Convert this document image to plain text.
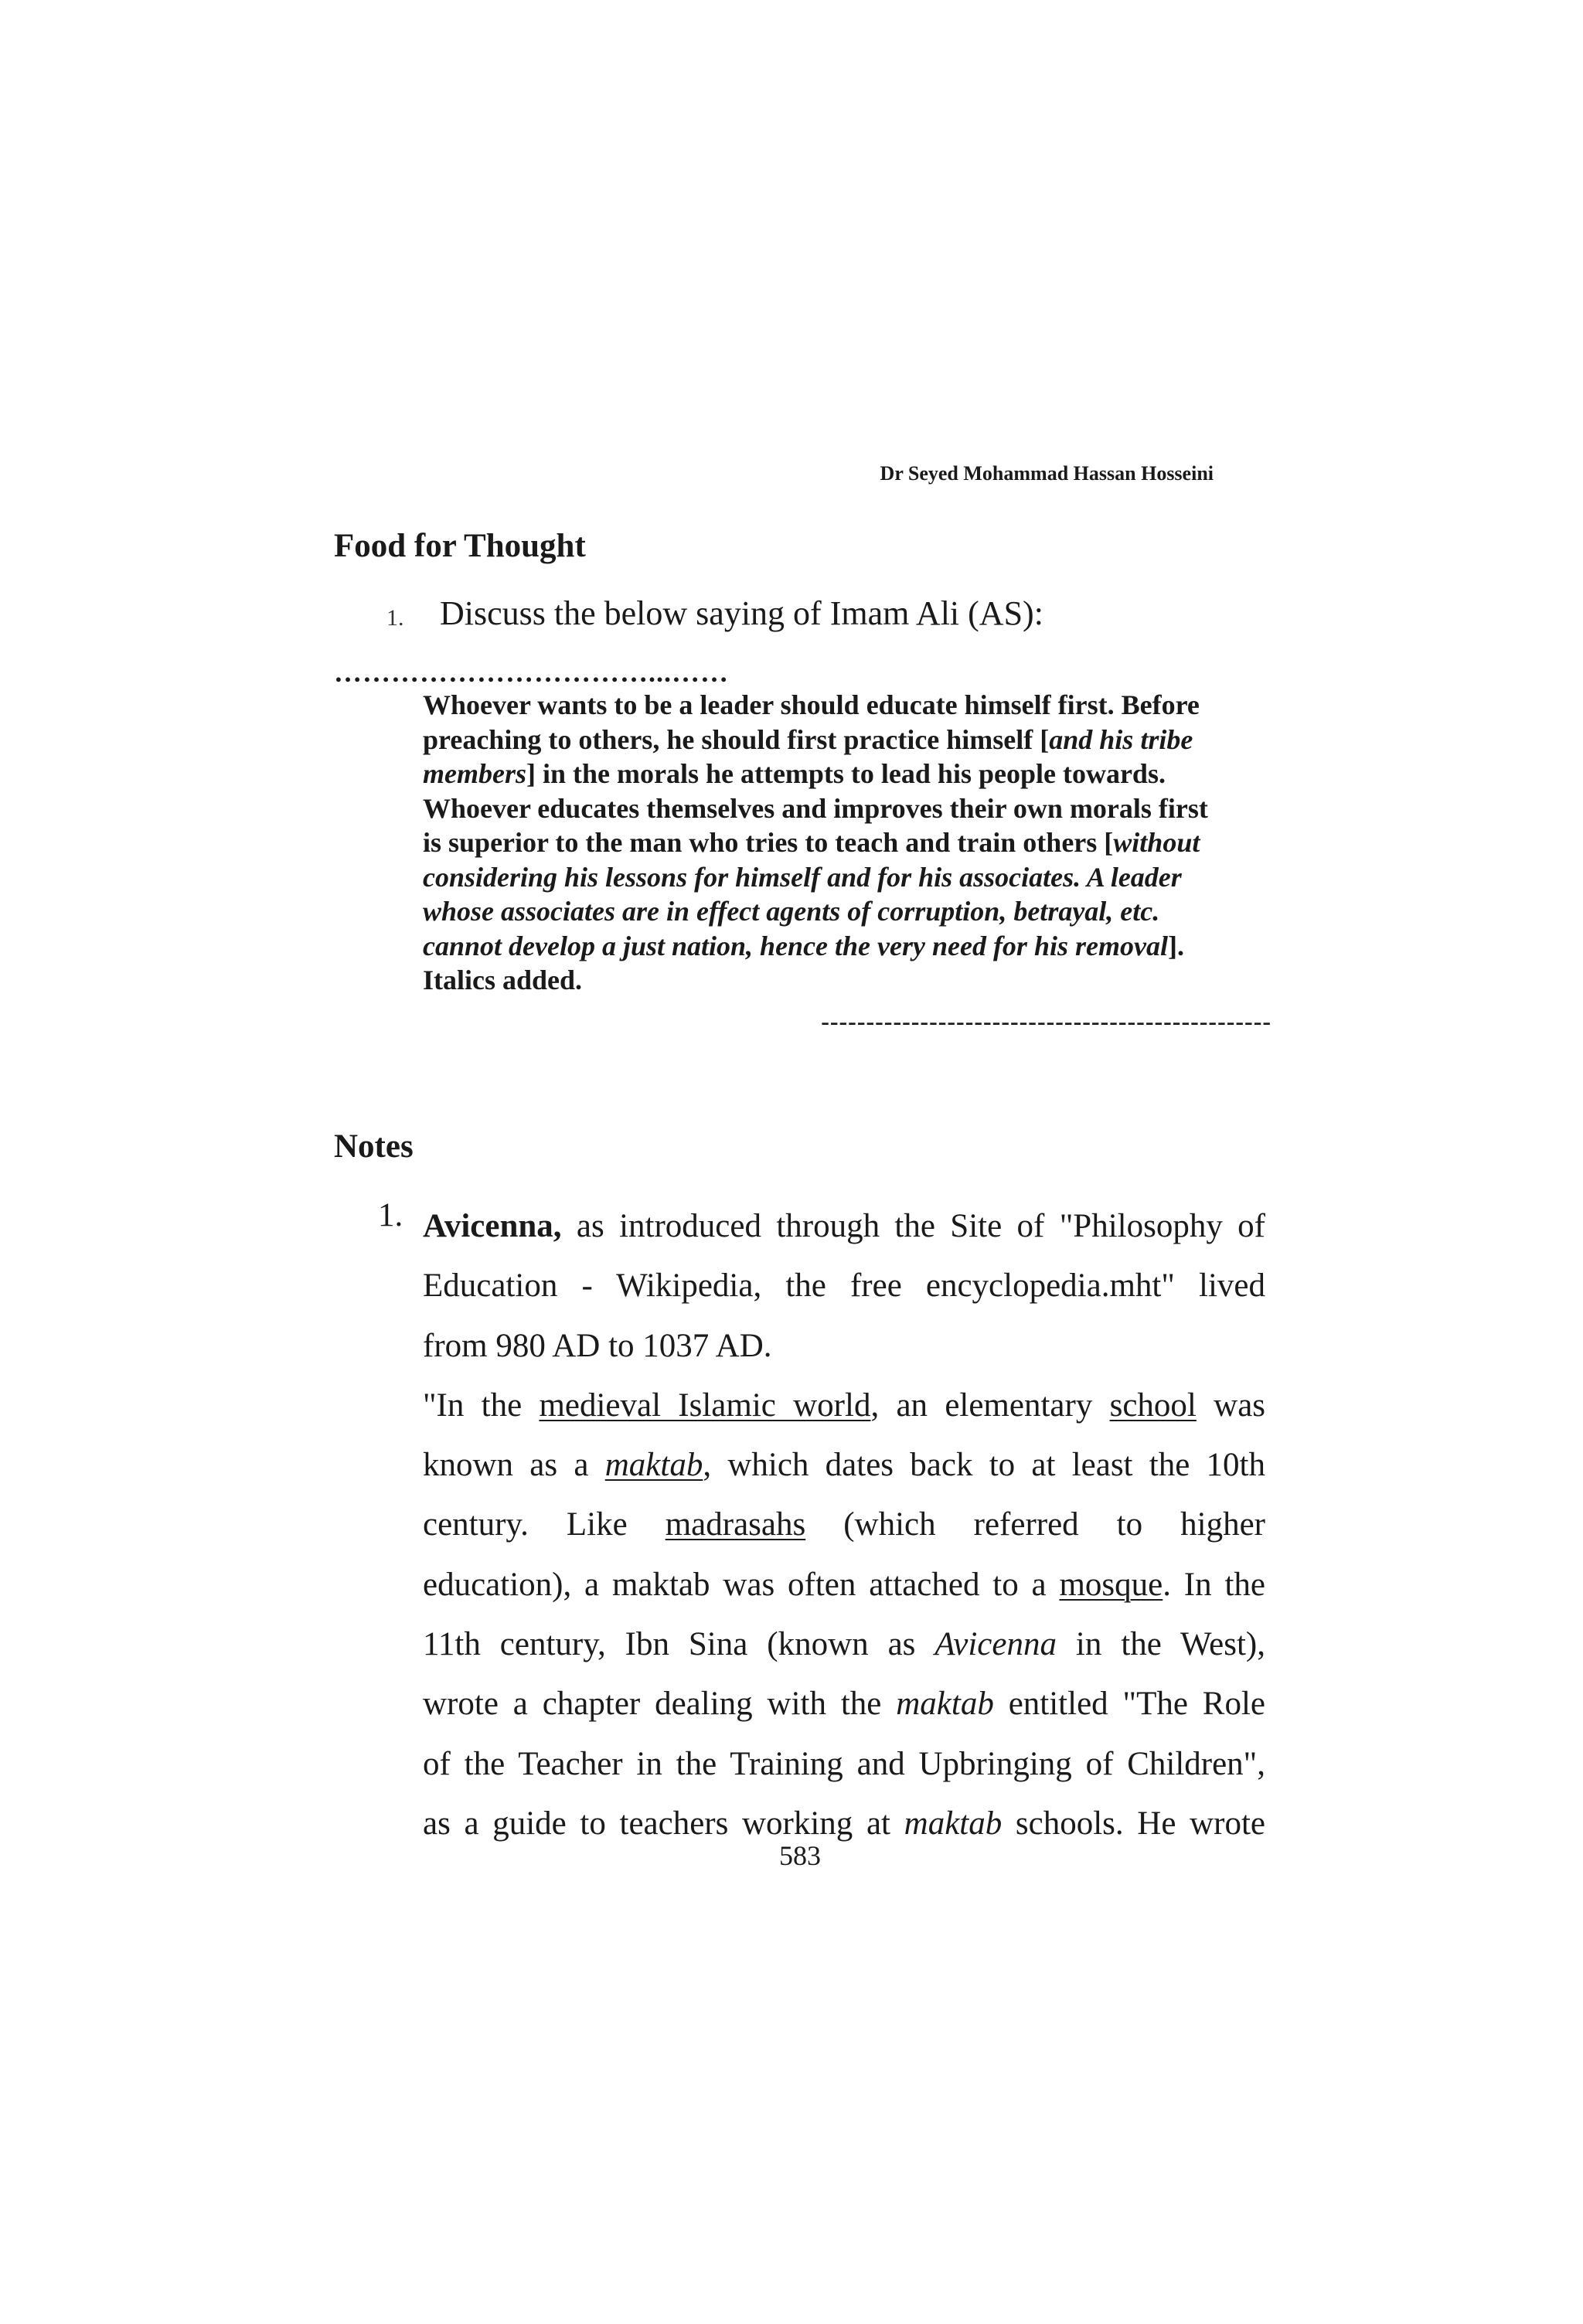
Dr Seyed Mohammad Hassan Hosseini
Food for Thought
1. Discuss the below saying of Imam Ali (AS):
……………………………...……
Whoever wants to be a leader should educate himself first. Before
preaching to others, he should first practice himself [and his tribe
members] in the morals he attempts to lead his people towards.
Whoever educates themselves and improves their own morals first
is superior to the man who tries to teach and train others [without
considering his lessons for himself and for his associates. A leader
whose associates are in effect agents of corruption, betrayal, etc.
cannot develop a just nation, hence the very need for his removal].
Italics added.
--------------------------------------------------
Notes
1. Avicenna, as introduced through the Site of "Philosophy of
Education - Wikipedia, the free encyclopedia.mht" lived
from 980 AD to 1037 AD.
"In the medieval Islamic world, an elementary school was
known as a maktab, which dates back to at least the 10th
century. Like madrasahs (which referred to higher
education), a maktab was often attached to a mosque. In the
11th century, Ibn Sina (known as Avicenna in the West),
wrote a chapter dealing with the maktab entitled "The Role
of the Teacher in the Training and Upbringing of Children",
as a guide to teachers working at maktab schools. He wrote
583
